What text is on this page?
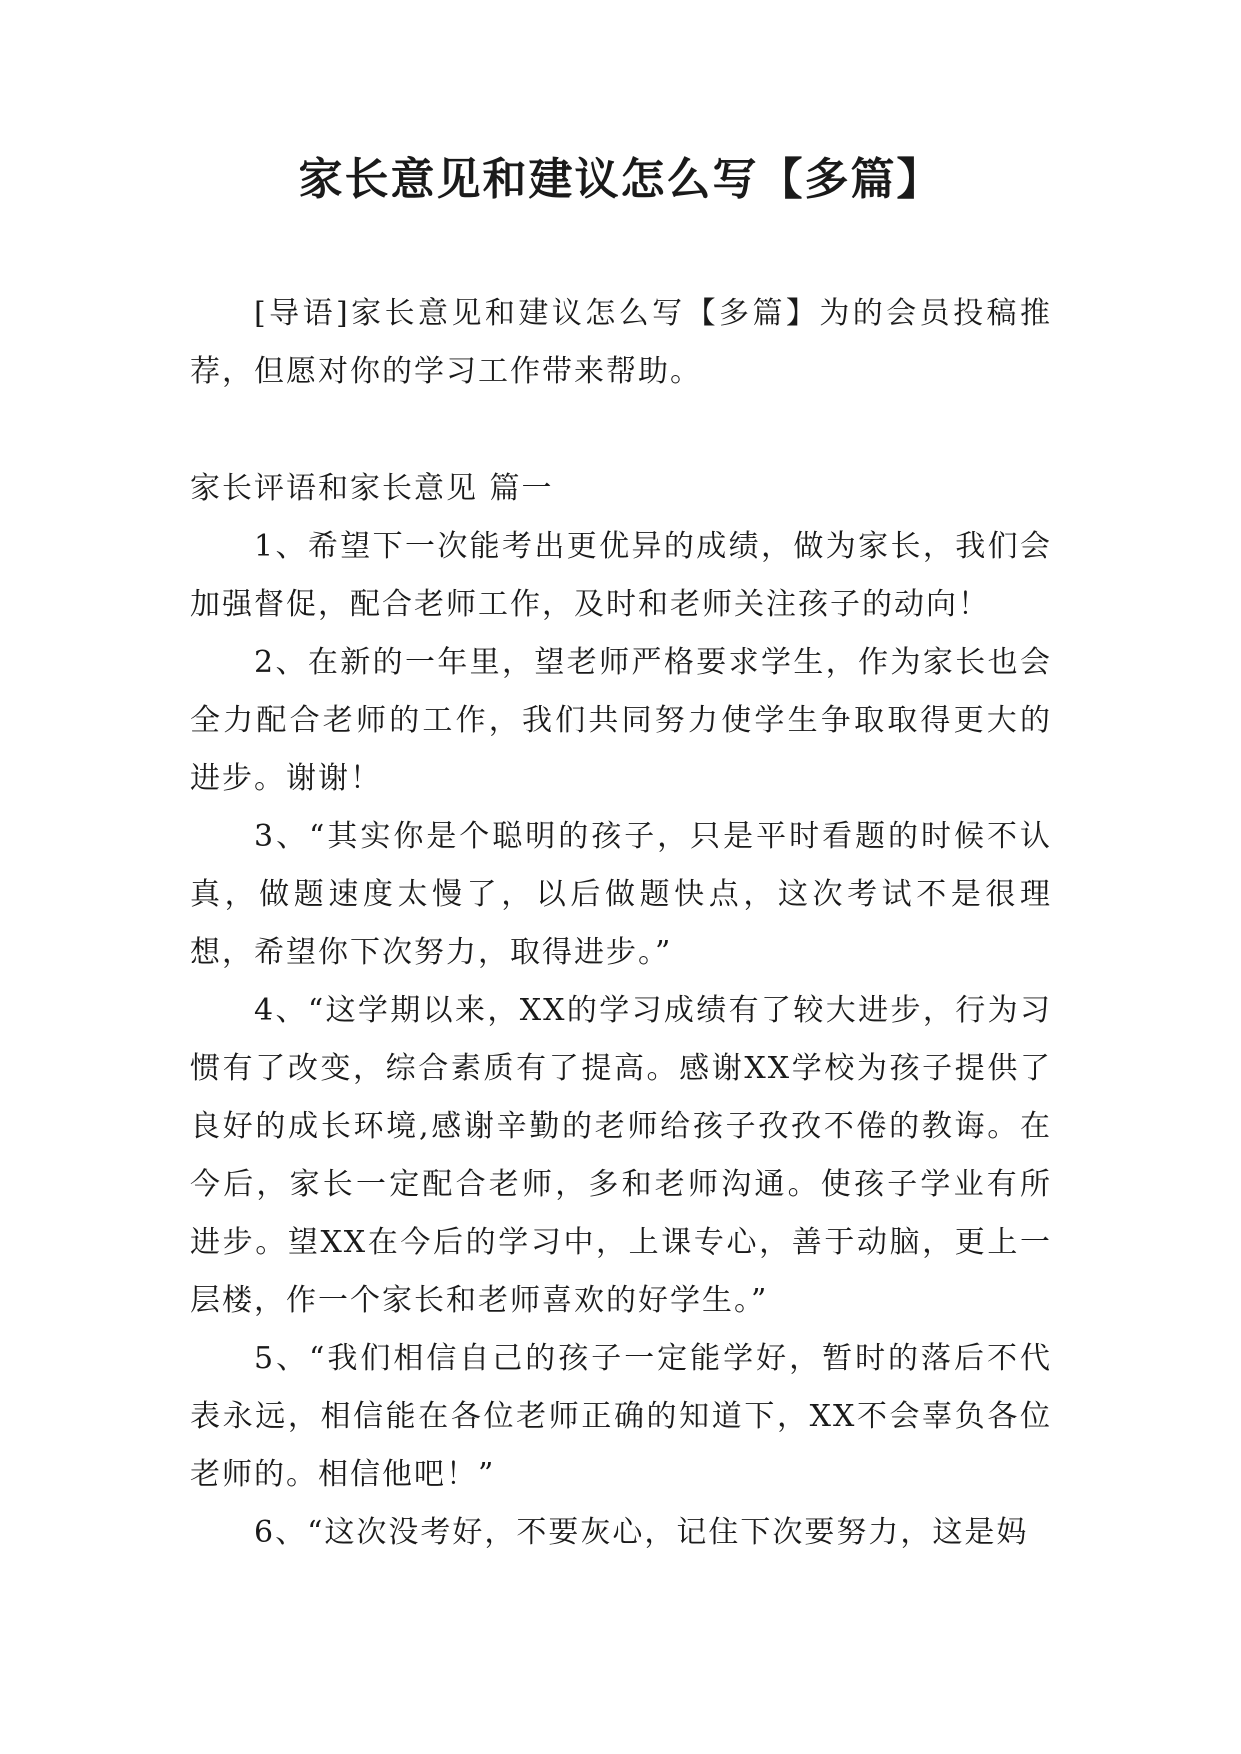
家长意见和建议怎么写【多篇】

[导语]家长意见和建议怎么写【多篇】为的会员投稿推荐，但愿对你的学习工作带来帮助。

家长评语和家长意见 篇一

1、希望下一次能考出更优异的成绩，做为家长，我们会加强督促，配合老师工作，及时和老师关注孩子的动向！

2、在新的一年里，望老师严格要求学生，作为家长也会全力配合老师的工作，我们共同努力使学生争取取得更大的进步。谢谢！

3、“其实你是个聪明的孩子，只是平时看题的时候不认真，做题速度太慢了，以后做题快点，这次考试不是很理想，希望你下次努力，取得进步。”

4、“这学期以来，XX的学习成绩有了较大进步，行为习惯有了改变，综合素质有了提高。感谢XX学校为孩子提供了良好的成长环境,感谢辛勤的老师给孩子孜孜不倦的教诲。在今后，家长一定配合老师，多和老师沟通。使孩子学业有所进步。望XX在今后的学习中，上课专心，善于动脑，更上一层楼，作一个家长和老师喜欢的好学生。”

5、“我们相信自己的孩子一定能学好，暂时的落后不代表永远，相信能在各位老师正确的知道下，XX不会辜负各位老师的。相信他吧！”

6、“这次没考好，不要灰心，记住下次要努力，这是妈
